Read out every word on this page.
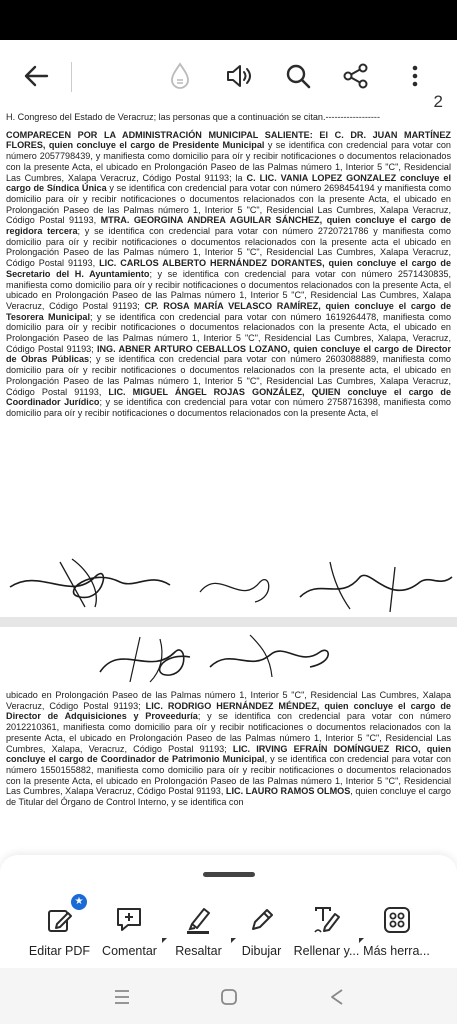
H. Congreso del Estado de Veracruz; las personas que a continuación se citan.------------------
COMPARECEN POR LA ADMINISTRACIÓN MUNICIPAL SALIENTE: El C. DR. JUAN MARTÍNEZ FLORES, quien concluye el cargo de Presidente Municipal y se identifica con credencial para votar con número 2057798439, y manifiesta como domicilio para oír y recibir notificaciones o documentos relacionados con la presente Acta, el ubicado en Prolongación Paseo de las Palmas número 1, Interior 5 "C", Residencial Las Cumbres, Xalapa Veracruz, Código Postal 91193; la C. LIC. VANIA LOPEZ GONZALEZ concluye el cargo de Síndica Única y se identifica con credencial para votar con número 2698454194 y manifiesta como domicilio para oír y recibir notificaciones o documentos relacionados con la presente Acta, el ubicado en Prolongación Paseo de las Palmas número 1, Interior 5 "C", Residencial Las Cumbres, Xalapa Veracruz, Código Postal 91193, MTRA. GEORGINA ANDREA AGUILAR SÁNCHEZ, quien concluye el cargo de regidora tercera; y se identifica con credencial para votar con número 2720721786 y manifiesta como domicilio para oír y recibir notificaciones o documentos relacionados con la presente acta el ubicado en Prolongación Paseo de las Palmas número 1, Interior 5 "C", Residencial Las Cumbres, Xalapa Veracruz, Código Postal 91193, LIC. CARLOS ALBERTO HERNÁNDEZ DORANTES, quien concluye el cargo de Secretario del H. Ayuntamiento; y se identifica con credencial para votar con número 2571430835, manifiesta como domicilio para oír y recibir notificaciones o documentos relacionados con la presente Acta, el ubicado en Prolongación Paseo de las Palmas número 1, Interior 5 "C", Residencial Las Cumbres, Xalapa Veracruz, Código Postal 91193; CP. ROSA MARÍA VELASCO RAMÍREZ, quien concluye el cargo de Tesorera Municipal; y se identifica con credencial para votar con número 1619264478, manifiesta como domicilio para oír y recibir notificaciones o documentos relacionados con la presente Acta, el ubicado en Prolongación Paseo de las Palmas número 1, Interior 5 "C", Residencial Las Cumbres, Xalapa, Veracruz, Código Postal 91193; ING. ABNER ARTURO CEBALLOS LOZANO, quien concluye el cargo de Director de Obras Públicas; y se identifica con credencial para votar con número 2603088889, manifiesta como domicilio para oír y recibir notificaciones o documentos relacionados con la presente acta, el ubicado en Prolongación Paseo de las Palmas número 1, Interior 5 "C", Residencial Las Cumbres, Xalapa Veracruz, Código Postal 91193, LIC. MIGUEL ÁNGEL ROJAS GONZÁLEZ, QUIEN concluye el cargo de Coordinador Jurídico; y se identifica con credencial para votar con número 2758716398, manifiesta como domicilio para oír y recibir notificaciones o documentos relacionados con la presente Acta, el
2
ubicado en Prolongación Paseo de las Palmas número 1, Interior 5 "C", Residencial Las Cumbres, Xalapa Veracruz, Código Postal 91193; LIC. RODRIGO HERNÁNDEZ MÉNDEZ, quien concluye el cargo de Director de Adquisiciones y Proveeduría; y se identifica con credencial para votar con número 2012210361, manifiesta como domicilio para oír y recibir notificaciones o documentos relacionados con la presente Acta, el ubicado en Prolongación Paseo de las Palmas número 1, Interior 5 "C", Residencial Las Cumbres, Xalapa, Veracruz, Código Postal 91193; LIC. IRVING EFRAÍN DOMÍNGUEZ RICO, quien concluye el cargo de Coordinador de Patrimonio Municipal, y se identifica con credencial para votar con número 1550155882, manifiesta como domicilio para oír y recibir notificaciones o documentos relacionados con la presente Acta, el ubicado en Prolongación Paseo de las Palmas número 1, Interior 5 "C", Residencial Las Cumbres, Xalapa Veracruz, Código Postal 91193, LIC. LAURO RAMOS OLMOS, quien concluye el cargo de Titular del Órgano de Control Interno, y se identifica con
★
Editar PDF Comentar	Resaltar	Dibujar Rellenar y... Más herra...
